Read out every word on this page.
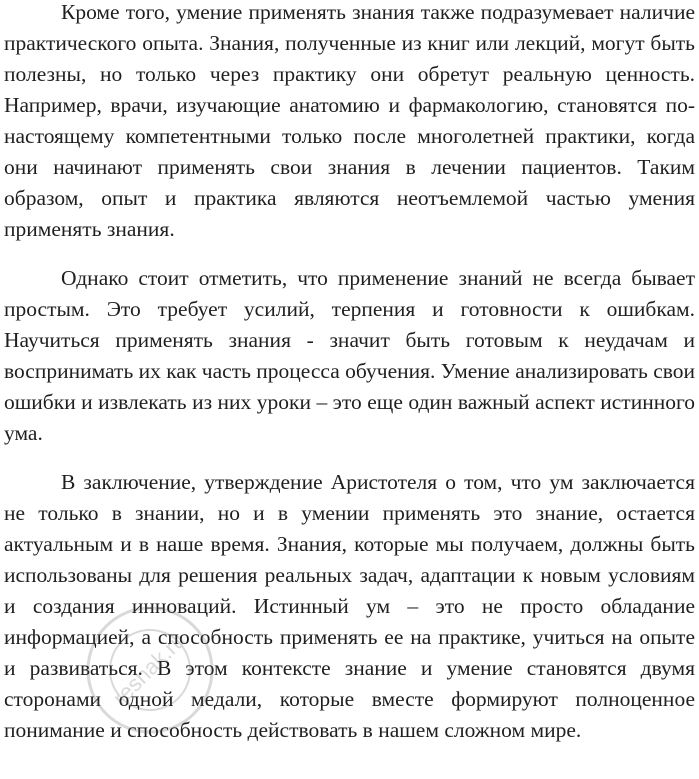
Кроме того, умение применять знания также подразумевает наличие практического опыта. Знания, полученные из книг или лекций, могут быть полезны, но только через практику они обретут реальную ценность. Например, врачи, изучающие анатомию и фармакологию, становятся по-настоящему компетентными только после многолетней практики, когда они начинают применять свои знания в лечении пациентов. Таким образом, опыт и практика являются неотъемлемой частью умения применять знания.

Однако стоит отметить, что применение знаний не всегда бывает простым. Это требует усилий, терпения и готовности к ошибкам. Научиться применять знания - значит быть готовым к неудачам и воспринимать их как часть процесса обучения. Умение анализировать свои ошибки и извлекать из них уроки – это еще один важный аспект истинного ума.

В заключение, утверждение Аристотеля о том, что ум заключается не только в знании, но и в умении применять это знание, остается актуальным и в наше время. Знания, которые мы получаем, должны быть использованы для решения реальных задач, адаптации к новым условиям и создания инноваций. Истинный ум – это не просто обладание информацией, а способность применять ее на практике, учиться на опыте и развиваться. В этом контексте знание и умение становятся двумя сторонами одной медали, которые вместе формируют полноценное понимание и способность действовать в нашем сложном мире.

reshak.ru
